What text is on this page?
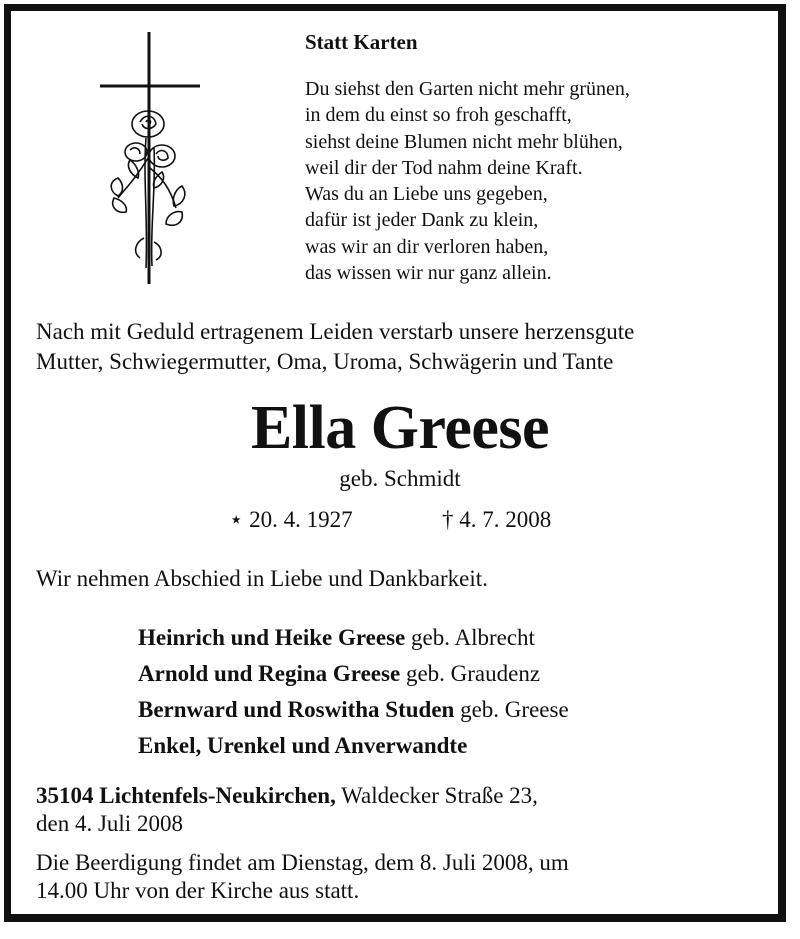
Statt Karten
Du siehst den Garten nicht mehr grünen,
in dem du einst so froh geschafft,
siehst deine Blumen nicht mehr blühen,
weil dir der Tod nahm deine Kraft.
Was du an Liebe uns gegeben,
dafür ist jeder Dank zu klein,
was wir an dir verloren haben,
das wissen wir nur ganz allein.
Nach mit Geduld ertragenem Leiden verstarb unsere herzensgute
Mutter, Schwiegermutter, Oma, Uroma, Schwägerin und Tante
Ella Greese
geb. Schmidt
⋆ 20. 4. 1927	† 4. 7. 2008
Wir nehmen Abschied in Liebe und Dankbarkeit.
Heinrich und Heike Greese geb. Albrecht
Arnold und Regina Greese geb. Graudenz
Bernward und Roswitha Studen geb. Greese
Enkel, Urenkel und Anverwandte
35104 Lichtenfels-Neukirchen, Waldecker Straße 23,
den 4. Juli 2008
Die Beerdigung findet am Dienstag, dem 8. Juli 2008, um
14.00 Uhr von der Kirche aus statt.
